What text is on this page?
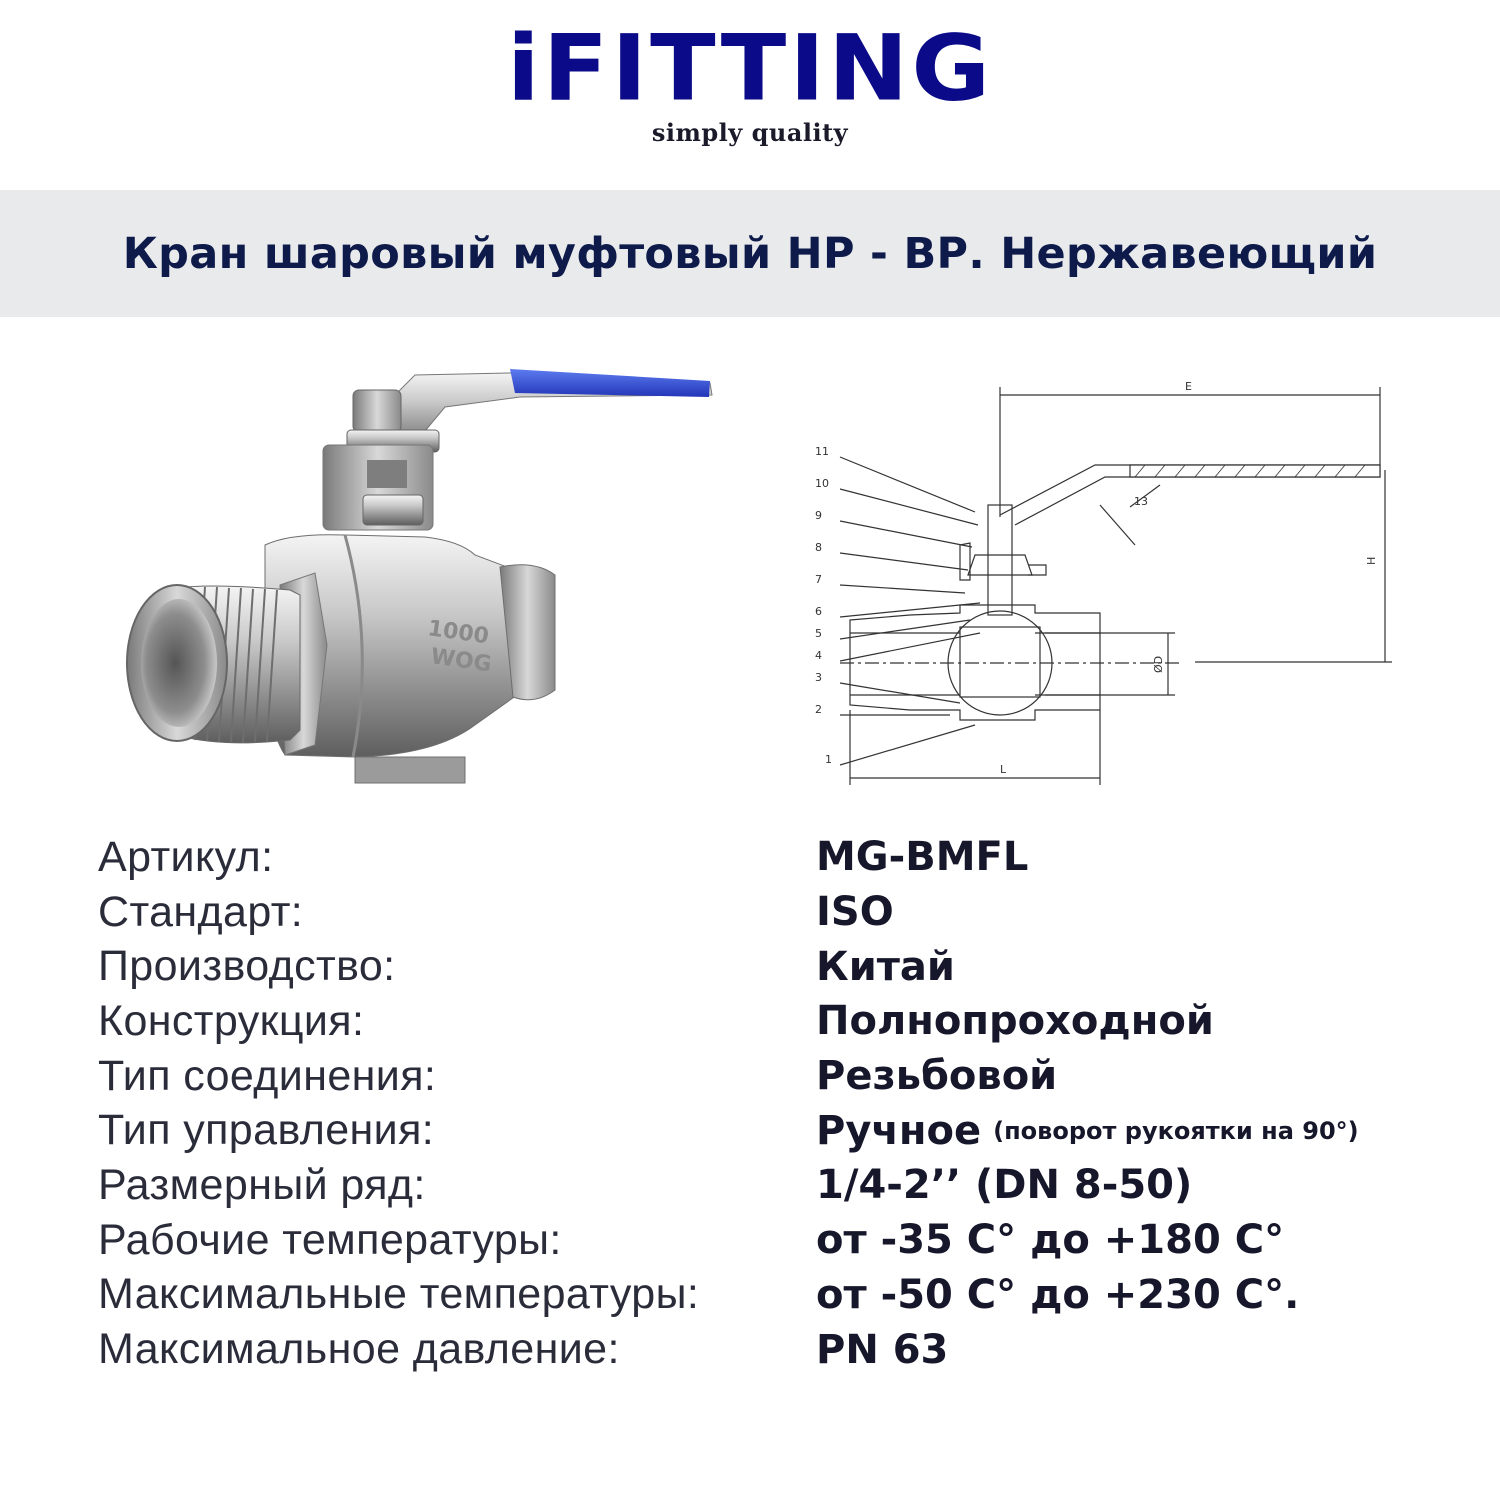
iFITTING
simply quality
Кран шаровый муфтовый НР - ВР. Нержавеющий
1000
WOG
11
10
9
8
7
6
5
4
3
2
1
13
E
H
ØD
L
Артикул:	MG-BMFL
Стандарт:	ISO
Производство:	Китай
Конструкция:	Полнопроходной
Тип соединения:	Резьбовой
Тип управления:	Ручное (поворот рукоятки на 90°)
Размерный ряд:	1/4-2’’ (DN 8-50)
Рабочие температуры:	от -35 C° до +180 C°
Максимальные температуры:	от -50 C° до +230 C°.
Максимальное давление:	PN 63
